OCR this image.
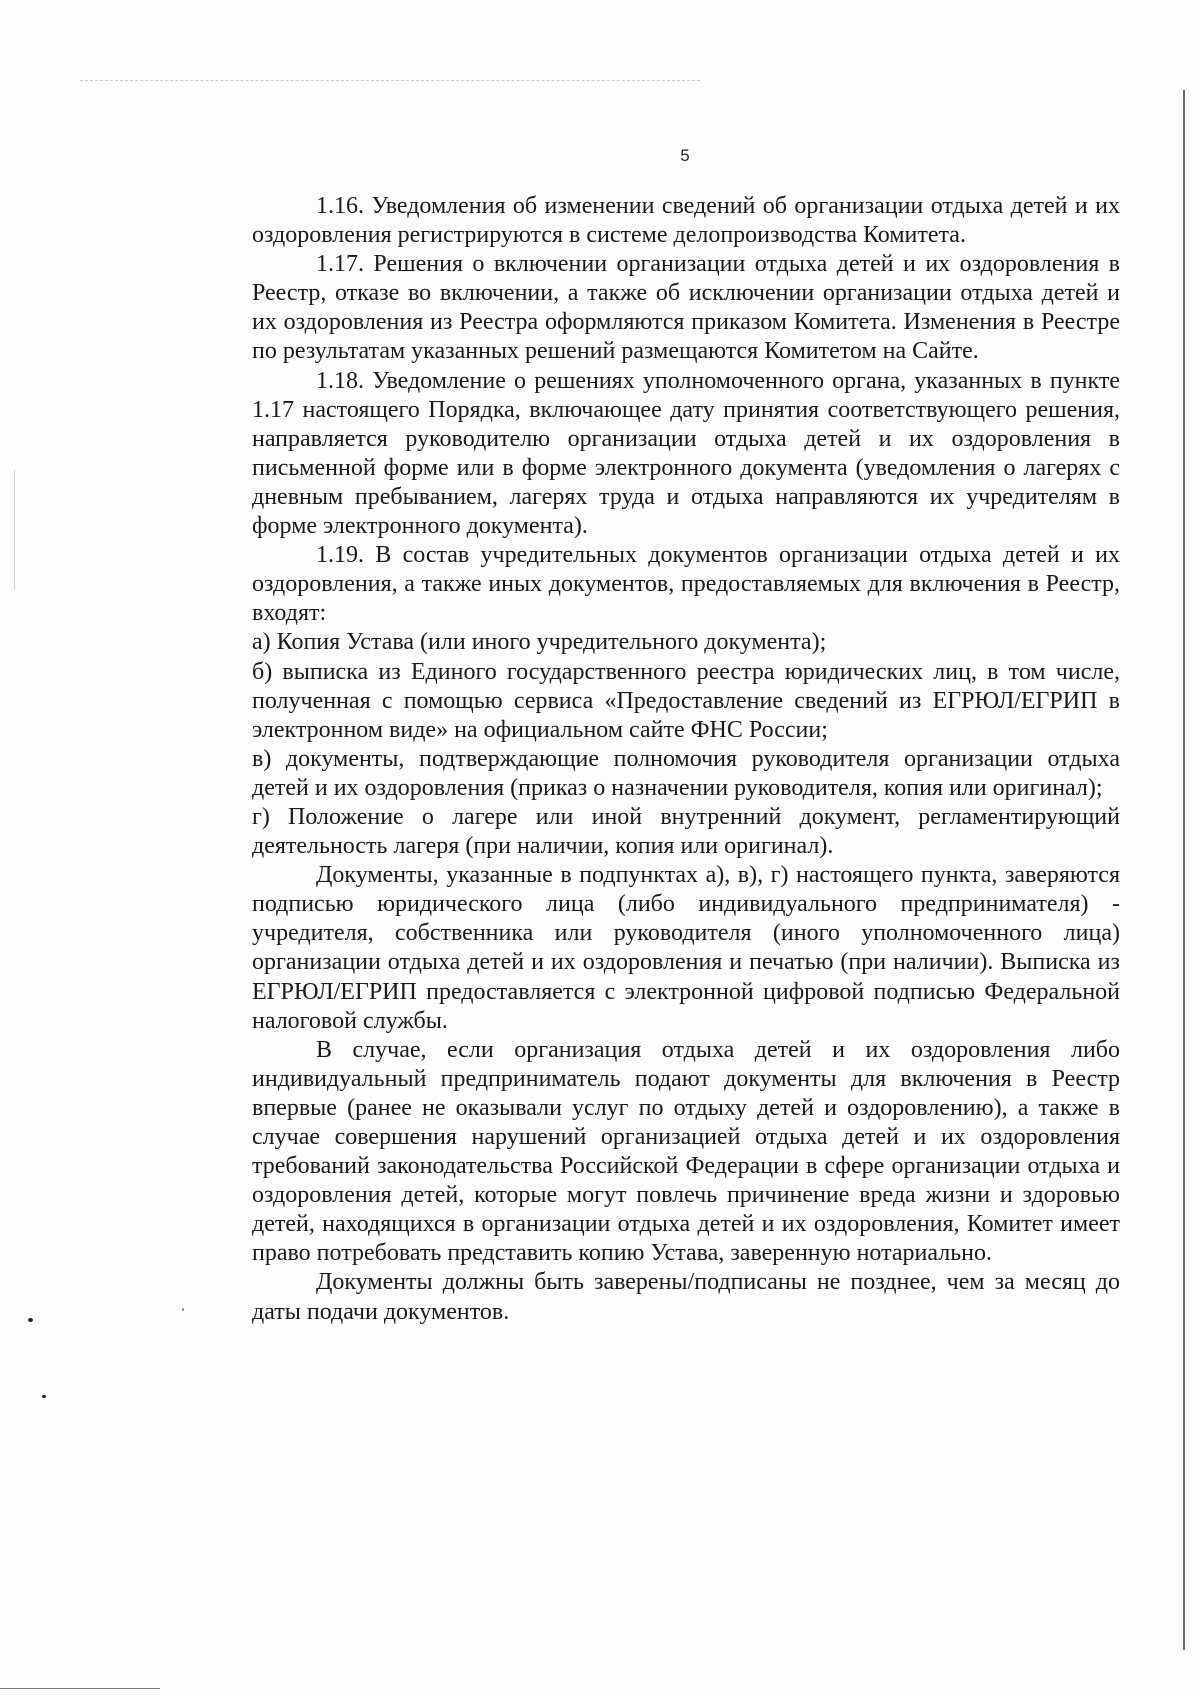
5

1.16. Уведомления об изменении сведений об организации отдыха детей и их оздоровления регистрируются в системе делопроизводства Комитета.

1.17. Решения о включении организации отдыха детей и их оздоровления в Реестр, отказе во включении, а также об исключении организации отдыха детей и их оздоровления из Реестра оформляются приказом Комитета. Изменения в Реестре по результатам указанных решений размещаются Комитетом на Сайте.

1.18. Уведомление о решениях уполномоченного органа, указанных в пункте 1.17 настоящего Порядка, включающее дату принятия соответствующего решения, направляется руководителю организации отдыха детей и их оздоровления в письменной форме или в форме электронного документа (уведомления о лагерях с дневным пребыванием, лагерях труда и отдыха направляются их учредителям в форме электронного документа).

1.19. В состав учредительных документов организации отдыха детей и их оздоровления, а также иных документов, предоставляемых для включения в Реестр, входят:

а) Копия Устава (или иного учредительного документа);

б) выписка из Единого государственного реестра юридических лиц, в том числе, полученная с помощью сервиса «Предоставление сведений из ЕГРЮЛ/ЕГРИП в электронном виде» на официальном сайте ФНС России;

в) документы, подтверждающие полномочия руководителя организации отдыха детей и их оздоровления (приказ о назначении руководителя, копия или оригинал);

г) Положение о лагере или иной внутренний документ, регламентирующий деятельность лагеря (при наличии, копия или оригинал).

Документы, указанные в подпунктах а), в), г) настоящего пункта, заверяются подписью юридического лица (либо индивидуального предпринимателя) - учредителя, собственника или руководителя (иного уполномоченного лица) организации отдыха детей и их оздоровления и печатью (при наличии). Выписка из ЕГРЮЛ/ЕГРИП предоставляется с электронной цифровой подписью Федеральной налоговой службы.

В случае, если организация отдыха детей и их оздоровления либо индивидуальный предприниматель подают документы для включения в Реестр впервые (ранее не оказывали услуг по отдыху детей и оздоровлению), а также в случае совершения нарушений организацией отдыха детей и их оздоровления требований законодательства Российской Федерации в сфере организации отдыха и оздоровления детей, которые могут повлечь причинение вреда жизни и здоровью детей, находящихся в организации отдыха детей и их оздоровления, Комитет имеет право потребовать представить копию Устава, заверенную нотариально.

Документы должны быть заверены/подписаны не позднее, чем за месяц до даты подачи документов.
